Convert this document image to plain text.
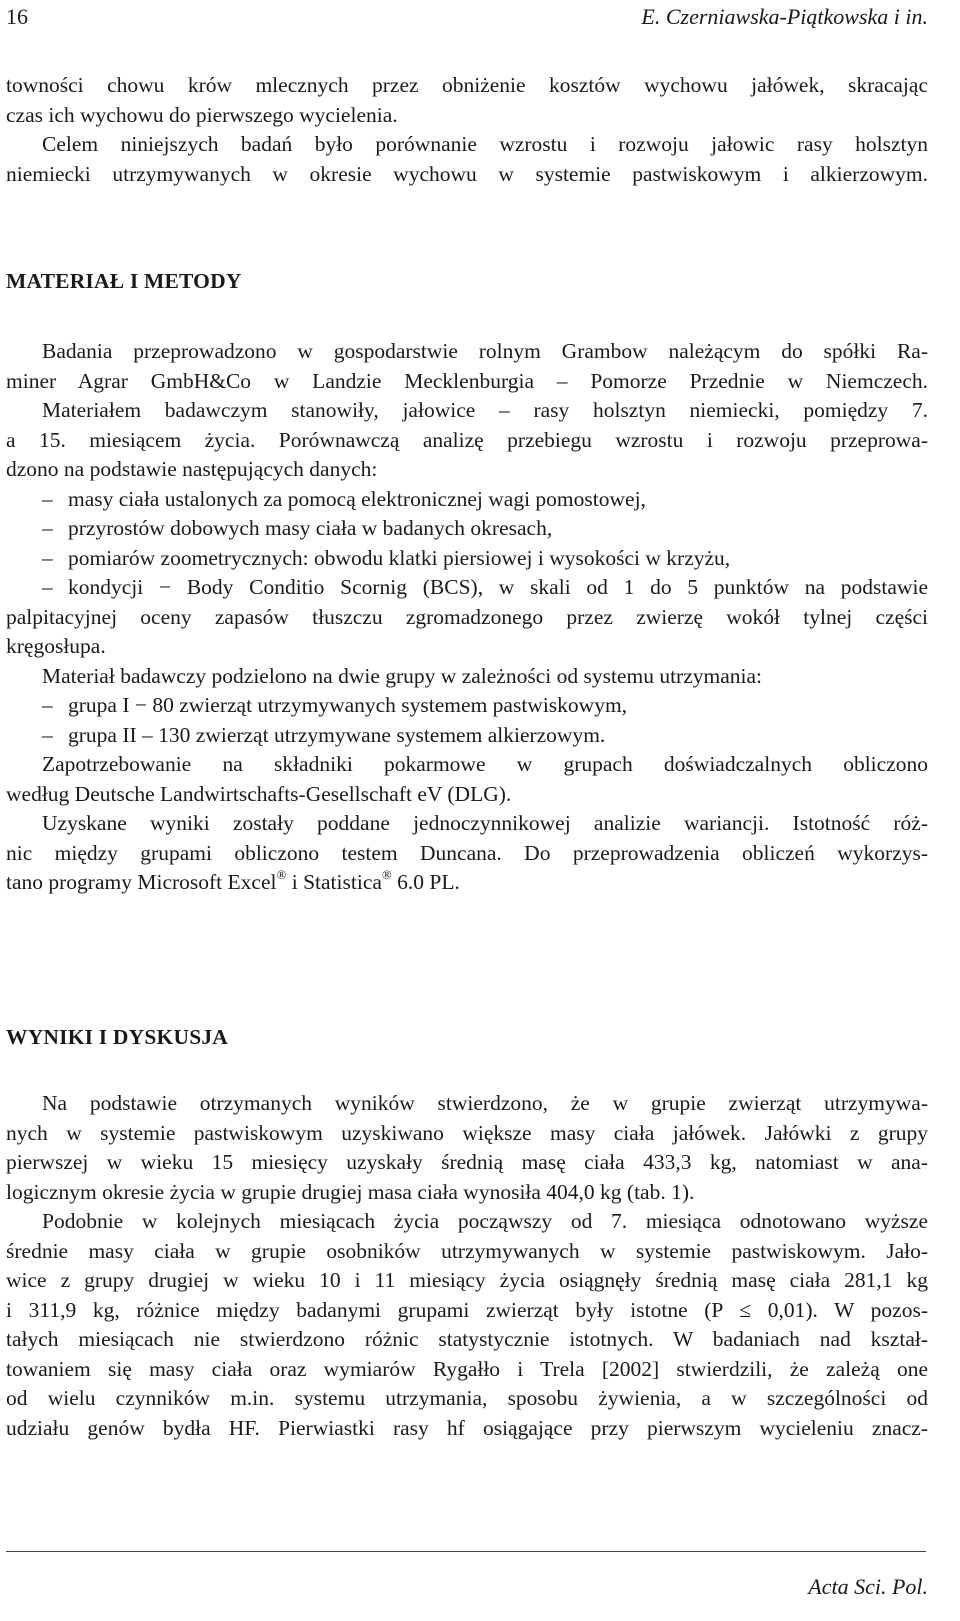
16	E. Czerniawska-Piątkowska i in.

towności chowu krów mlecznych przez obniżenie kosztów wychowu jałówek, skracając

czas ich wychowu do pierwszego wycielenia.

Celem niniejszych badań było porównanie wzrostu i rozwoju jałowic rasy holsztyn

niemiecki utrzymywanych w okresie wychowu w systemie pastwiskowym i alkierzowym.

MATERIAŁ I METODY

Badania przeprowadzono w gospodarstwie rolnym Grambow należącym do spółki Ra-

miner Agrar GmbH&Co w Landzie Mecklenburgia – Pomorze Przednie w Niemczech.

Materiałem badawczym stanowiły, jałowice – rasy holsztyn niemiecki, pomiędzy 7.

a 15. miesiącem życia. Porównawczą analizę przebiegu wzrostu i rozwoju przeprowa-

dzono na podstawie następujących danych:

– masy ciała ustalonych za pomocą elektronicznej wagi pomostowej,

– przyrostów dobowych masy ciała w badanych okresach,

– pomiarów zoometrycznych: obwodu klatki piersiowej i wysokości w krzyżu,

– kondycji − Body Conditio Scornig (BCS), w skali od 1 do 5 punktów na podstawie

palpitacyjnej oceny zapasów tłuszczu zgromadzonego przez zwierzę wokół tylnej części

kręgosłupa.

Materiał badawczy podzielono na dwie grupy w zależności od systemu utrzymania:

– grupa I − 80 zwierząt utrzymywanych systemem pastwiskowym,

– grupa II – 130 zwierząt utrzymywane systemem alkierzowym.

Zapotrzebowanie na składniki pokarmowe w grupach doświadczalnych obliczono

według Deutsche Landwirtschafts-Gesellschaft eV (DLG).

Uzyskane wyniki zostały poddane jednoczynnikowej analizie wariancji. Istotność róż-

nic między grupami obliczono testem Duncana. Do przeprowadzenia obliczeń wykorzys-

tano programy Microsoft Excel® i Statistica® 6.0 PL.

WYNIKI I DYSKUSJA

Na podstawie otrzymanych wyników stwierdzono, że w grupie zwierząt utrzymywa-

nych w systemie pastwiskowym uzyskiwano większe masy ciała jałówek. Jałówki z grupy

pierwszej w wieku 15 miesięcy uzyskały średnią masę ciała 433,3 kg, natomiast w ana-

logicznym okresie życia w grupie drugiej masa ciała wynosiła 404,0 kg (tab. 1).

Podobnie w kolejnych miesiącach życia począwszy od 7. miesiąca odnotowano wyższe

średnie masy ciała w grupie osobników utrzymywanych w systemie pastwiskowym. Jało-

wice z grupy drugiej w wieku 10 i 11 miesiący życia osiągnęły średnią masę ciała 281,1 kg

i 311,9 kg, różnice między badanymi grupami zwierząt były istotne (P ≤ 0,01). W pozos-

tałych miesiącach nie stwierdzono różnic statystycznie istotnych. W badaniach nad kształ-

towaniem się masy ciała oraz wymiarów Rygałło i Trela [2002] stwierdzili, że zależą one

od wielu czynników m.in. systemu utrzymania, sposobu żywienia, a w szczególności od

udziału genów bydła HF. Pierwiastki rasy hf osiągające przy pierwszym wycieleniu znacz-

Acta Sci. Pol.
